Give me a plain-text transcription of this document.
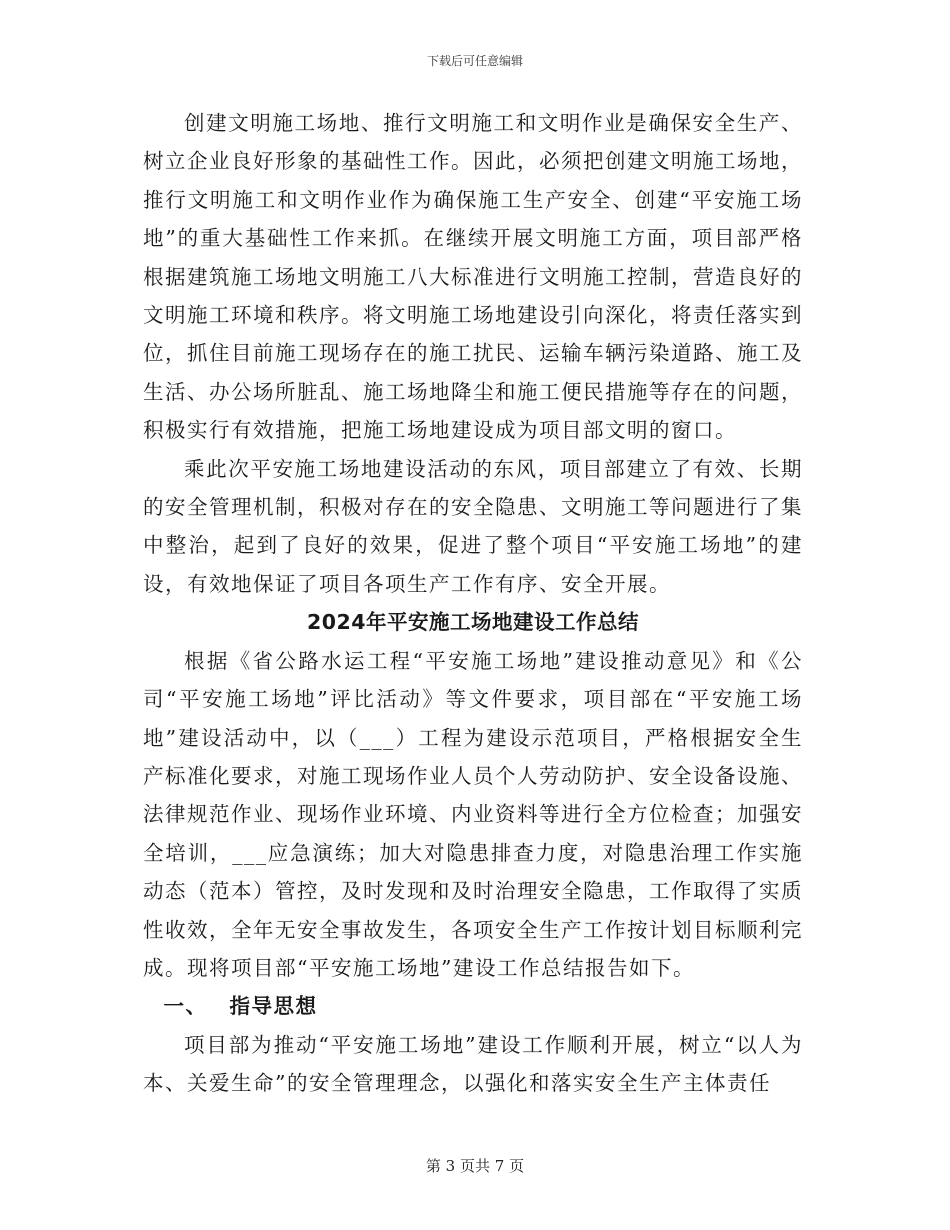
下载后可任意编辑

创建文明施工场地、推行文明施工和文明作业是确保安全生产、树立企业良好形象的基础性工作。因此，必须把创建文明施工场地，推行文明施工和文明作业作为确保施工生产安全、创建“平安施工场地”的重大基础性工作来抓。在继续开展文明施工方面，项目部严格根据建筑施工场地文明施工八大标准进行文明施工控制，营造良好的文明施工环境和秩序。将文明施工场地建设引向深化，将责任落实到位，抓住目前施工现场存在的施工扰民、运输车辆污染道路、施工及生活、办公场所脏乱、施工场地降尘和施工便民措施等存在的问题，积极实行有效措施，把施工场地建设成为项目部文明的窗口。

乘此次平安施工场地建设活动的东风，项目部建立了有效、长期的安全管理机制，积极对存在的安全隐患、文明施工等问题进行了集中整治，起到了良好的效果，促进了整个项目“平安施工场地”的建设，有效地保证了项目各项生产工作有序、安全开展。

2024年平安施工场地建设工作总结

根据《省公路水运工程“平安施工场地”建设推动意见》和《公司“平安施工场地”评比活动》等文件要求，项目部在“平安施工场地”建设活动中，以（___）工程为建设示范项目，严格根据安全生产标准化要求，对施工现场作业人员个人劳动防护、安全设备设施、法律规范作业、现场作业环境、内业资料等进行全方位检查；加强安全培训，___应急演练；加大对隐患排查力度，对隐患治理工作实施动态（范本）管控，及时发现和及时治理安全隐患，工作取得了实质性收效，全年无安全事故发生，各项安全生产工作按计划目标顺利完成。现将项目部“平安施工场地”建设工作总结报告如下。

一、 指导思想

项目部为推动“平安施工场地”建设工作顺利开展，树立“以人为本、关爱生命”的安全管理理念，以强化和落实安全生产主体责任

第 3 页共 7 页
